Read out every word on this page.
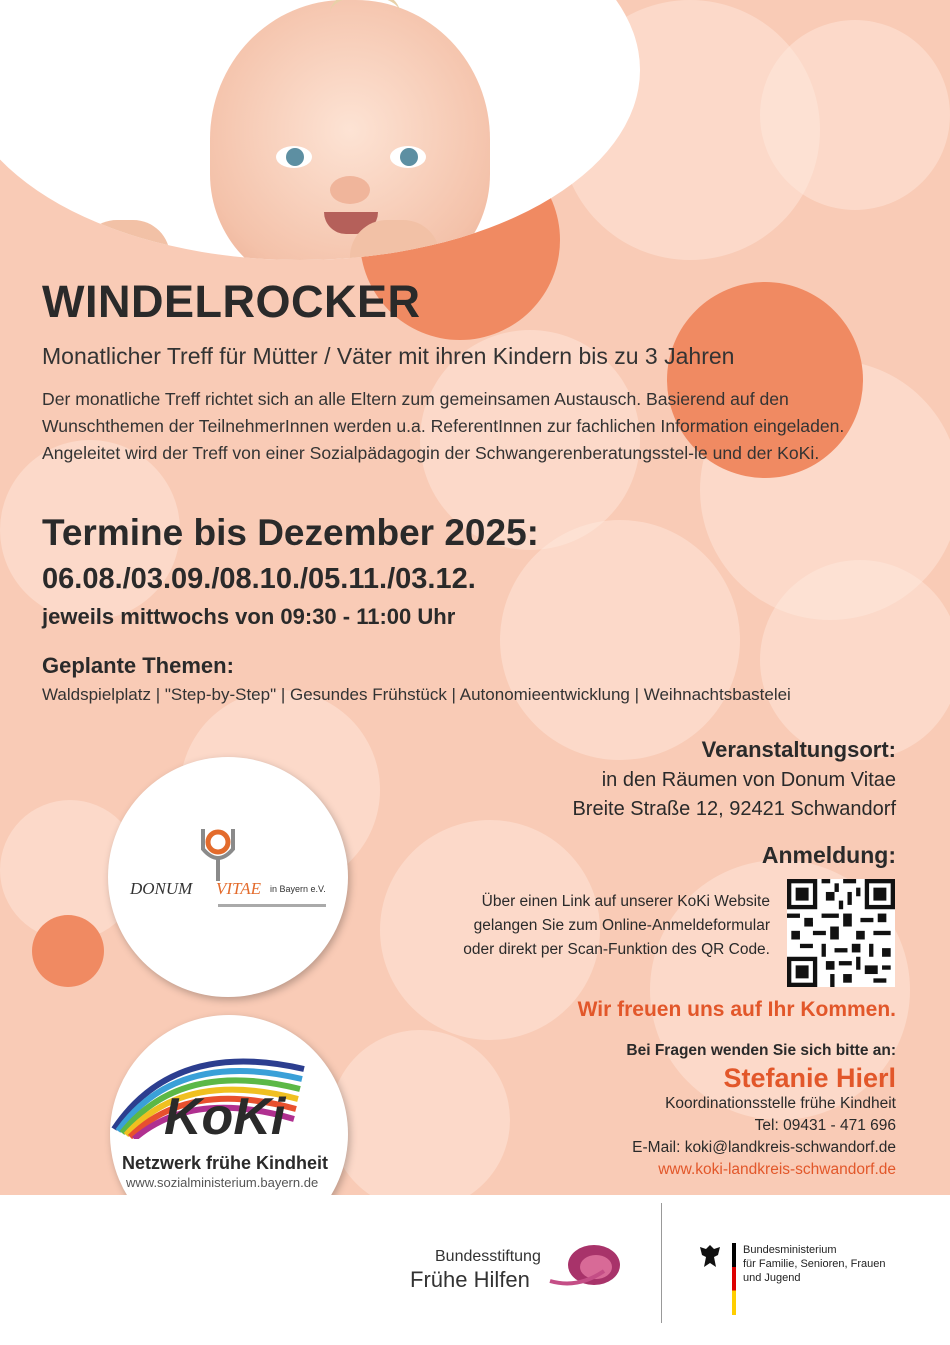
WINDELROCKER
Monatlicher Treff für Mütter / Väter mit ihren Kindern bis zu 3 Jahren
Der monatliche Treff richtet sich an alle Eltern zum gemeinsamen Austausch. Basierend auf den Wunschthemen der TeilnehmerInnen werden u.a. ReferentInnen zur fachlichen Information eingeladen. Angeleitet wird der Treff von einer Sozialpädagogin der Schwangerenberatungsstel-le und der KoKi.
Termine bis Dezember 2025:
06.08./03.09./08.10./05.11./03.12.
jeweils mittwochs von 09:30 - 11:00 Uhr
Geplante Themen:
Waldspielplatz | "Step-by-Step" | Gesundes Frühstück | Autonomieentwicklung | Weihnachtsbastelei
Veranstaltungsort:
in den Räumen von Donum Vitae
Breite Straße 12, 92421 Schwandorf
Anmeldung:
Über einen Link auf unserer KoKi Website
gelangen Sie zum Online-Anmeldeformular
oder direkt per Scan-Funktion des QR Code.
Wir freuen uns auf Ihr Kommen.
Bei Fragen wenden Sie sich bitte an:
Stefanie Hierl
Koordinationsstelle frühe Kindheit
Tel: 09431 - 471 696
E-Mail: koki@landkreis-schwandorf.de
www.koki-landkreis-schwandorf.de
DONUM VITAE in Bayern e.V.
KoKi
Netzwerk frühe Kindheit
www.sozialministerium.bayern.de
Bundesstiftung
Frühe Hilfen
Bundesministerium
für Familie, Senioren, Frauen
und Jugend
